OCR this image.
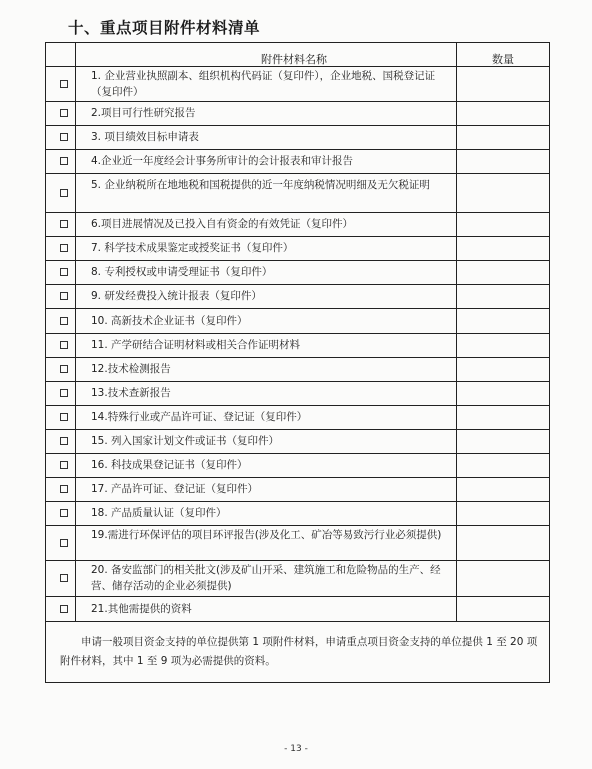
十、重点项目附件材料清单
附件材料名称	数量
1. 企业营业执照副本、组织机构代码证（复印件），企业地税、国税登记证（复印件）
2.项目可行性研究报告
3. 项目绩效目标申请表
4.企业近一年度经会计事务所审计的会计报表和审计报告
5. 企业纳税所在地地税和国税提供的近一年度纳税情况明细及无欠税证明
6.项目进展情况及已投入自有资金的有效凭证（复印件）
7. 科学技术成果鉴定或授奖证书（复印件）
8. 专利授权或申请受理证书（复印件）
9. 研发经费投入统计报表（复印件）
10. 高新技术企业证书（复印件）
11. 产学研结合证明材料或相关合作证明材料
12.技术检测报告
13.技术查新报告
14.特殊行业或产品许可证、登记证（复印件）
15. 列入国家计划文件或证书（复印件）
16. 科技成果登记证书（复印件）
17. 产品许可证、登记证（复印件）
18. 产品质量认证（复印件）
19.需进行环保评估的项目环评报告(涉及化工、矿冶等易致污行业必须提供)
20. 备安监部门的相关批文(涉及矿山开采、建筑施工和危险物品的生产、经营、储存活动的企业必须提供)
21.其他需提供的资料
申请一般项目资金支持的单位提供第 1 项附件材料，申请重点项目资金支持的单位提供 1 至 20 项附件材料，其中 1 至 9 项为必需提供的资料。
- 13 -
